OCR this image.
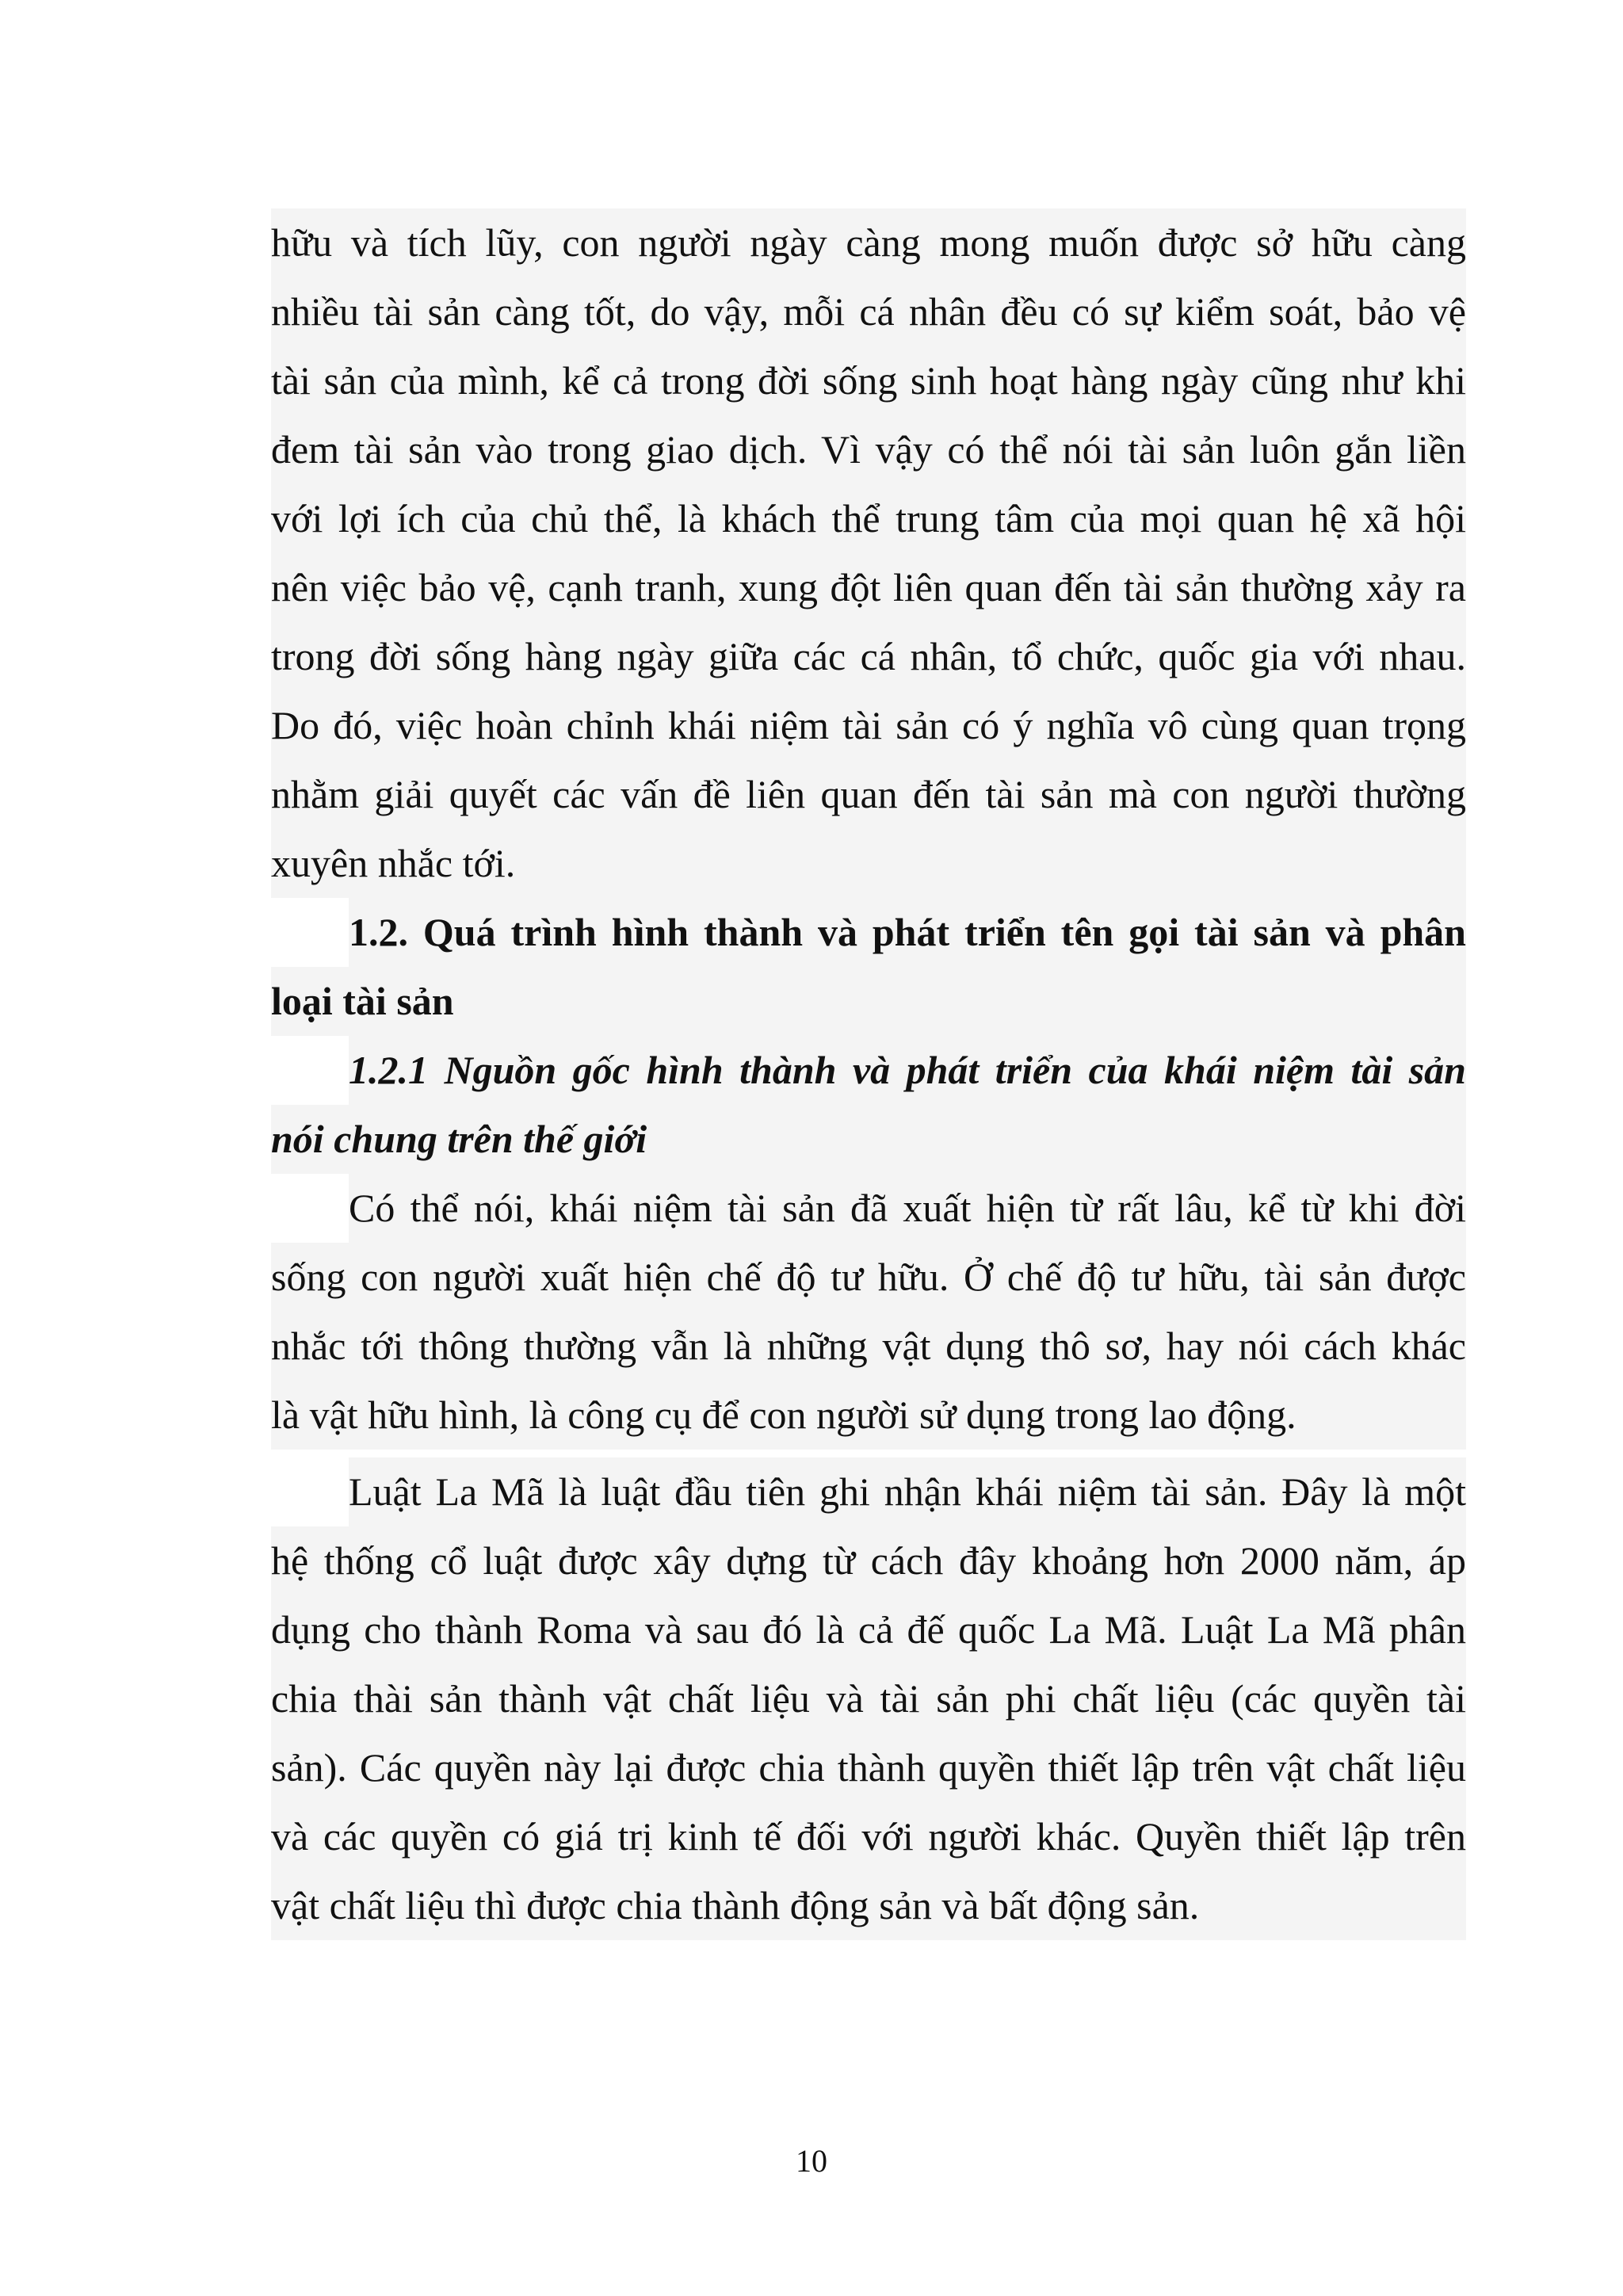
hữu và tích lũy, con người ngày càng mong muốn được sở hữu càng
nhiều tài sản càng tốt, do vậy, mỗi cá nhân đều có sự kiểm soát, bảo vệ
tài sản của mình, kể cả trong đời sống sinh hoạt hàng ngày cũng như khi
đem tài sản vào trong giao dịch. Vì vậy có thể nói tài sản luôn gắn liền
với lợi ích của chủ thể, là khách thể trung tâm của mọi quan hệ xã hội
nên việc bảo vệ, cạnh tranh, xung đột liên quan đến tài sản thường xảy ra
trong đời sống hàng ngày giữa các cá nhân, tổ chức, quốc gia với nhau.
Do đó, việc hoàn chỉnh khái niệm tài sản có ý nghĩa vô cùng quan trọng
nhằm giải quyết các vấn đề liên quan đến tài sản mà con người thường
xuyên nhắc tới.
1.2. Quá trình hình thành và phát triển tên gọi tài sản và phân
loại tài sản
1.2.1 Nguồn gốc hình thành và phát triển của khái niệm tài sản
nói chung trên thế giới
Có thể nói, khái niệm tài sản đã xuất hiện từ rất lâu, kể từ khi đời
sống con người xuất hiện chế độ tư hữu. Ở chế độ tư hữu, tài sản được
nhắc tới thông thường vẫn là những vật dụng thô sơ, hay nói cách khác
là vật hữu hình, là công cụ để con người sử dụng trong lao động.
Luật La Mã là luật đầu tiên ghi nhận khái niệm tài sản. Đây là một
hệ thống cổ luật được xây dựng từ cách đây khoảng hơn 2000 năm, áp
dụng cho thành Roma và sau đó là cả đế quốc La Mã. Luật La Mã phân
chia thài sản thành vật chất liệu và tài sản phi chất liệu (các quyền tài
sản). Các quyền này lại được chia thành quyền thiết lập trên vật chất liệu
và các quyền có giá trị kinh tế đối với người khác. Quyền thiết lập trên
vật chất liệu thì được chia thành động sản và bất động sản.
10
